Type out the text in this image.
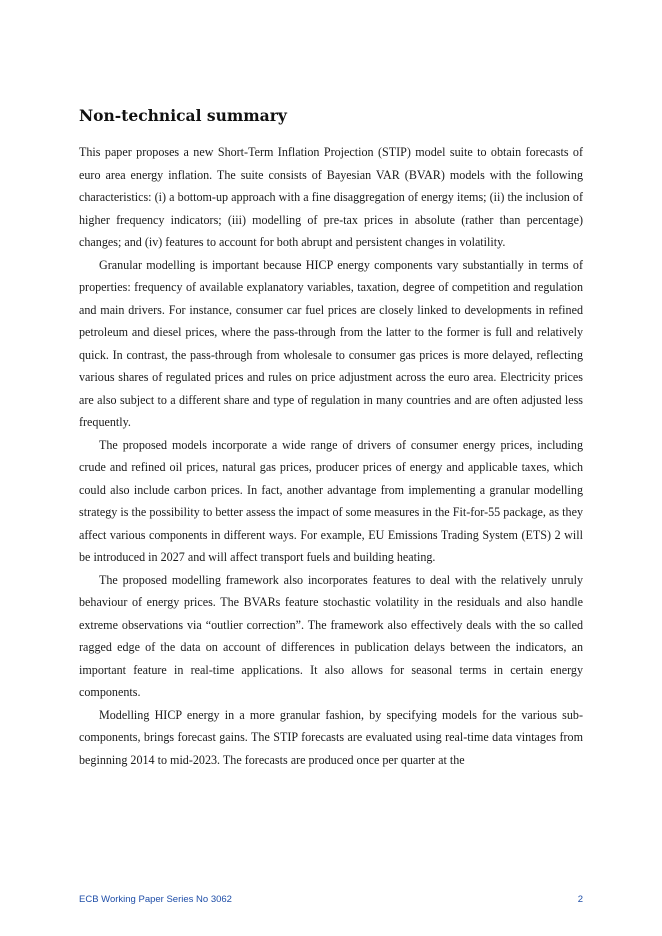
Non-technical summary

This paper proposes a new Short-Term Inflation Projection (STIP) model suite to obtain forecasts of euro area energy inflation. The suite consists of Bayesian VAR (BVAR) models with the following characteristics: (i) a bottom-up approach with a fine disaggregation of energy items; (ii) the inclusion of higher frequency indicators; (iii) modelling of pre-tax prices in absolute (rather than percentage) changes; and (iv) features to account for both abrupt and persistent changes in volatility.

Granular modelling is important because HICP energy components vary substantially in terms of properties: frequency of available explanatory variables, taxation, degree of competition and regulation and main drivers. For instance, consumer car fuel prices are closely linked to developments in refined petroleum and diesel prices, where the pass-through from the latter to the former is full and relatively quick. In contrast, the pass-through from wholesale to consumer gas prices is more delayed, reflecting various shares of regulated prices and rules on price adjustment across the euro area. Electricity prices are also subject to a different share and type of regulation in many countries and are often adjusted less frequently.

The proposed models incorporate a wide range of drivers of consumer energy prices, including crude and refined oil prices, natural gas prices, producer prices of energy and applicable taxes, which could also include carbon prices. In fact, another advantage from implementing a granular modelling strategy is the possibility to better assess the impact of some measures in the Fit-for-55 package, as they affect various components in different ways. For example, EU Emissions Trading System (ETS) 2 will be introduced in 2027 and will affect transport fuels and building heating.

The proposed modelling framework also incorporates features to deal with the relatively unruly behaviour of energy prices. The BVARs feature stochastic volatility in the residuals and also handle extreme observations via “outlier correction”. The framework also effectively deals with the so called ragged edge of the data on account of differences in publication delays between the indicators, an important feature in real-time applications. It also allows for seasonal terms in certain energy components.

Modelling HICP energy in a more granular fashion, by specifying models for the various sub-components, brings forecast gains. The STIP forecasts are evaluated using real-time data vintages from beginning 2014 to mid-2023. The forecasts are produced once per quarter at the

ECB Working Paper Series No 3062	2
